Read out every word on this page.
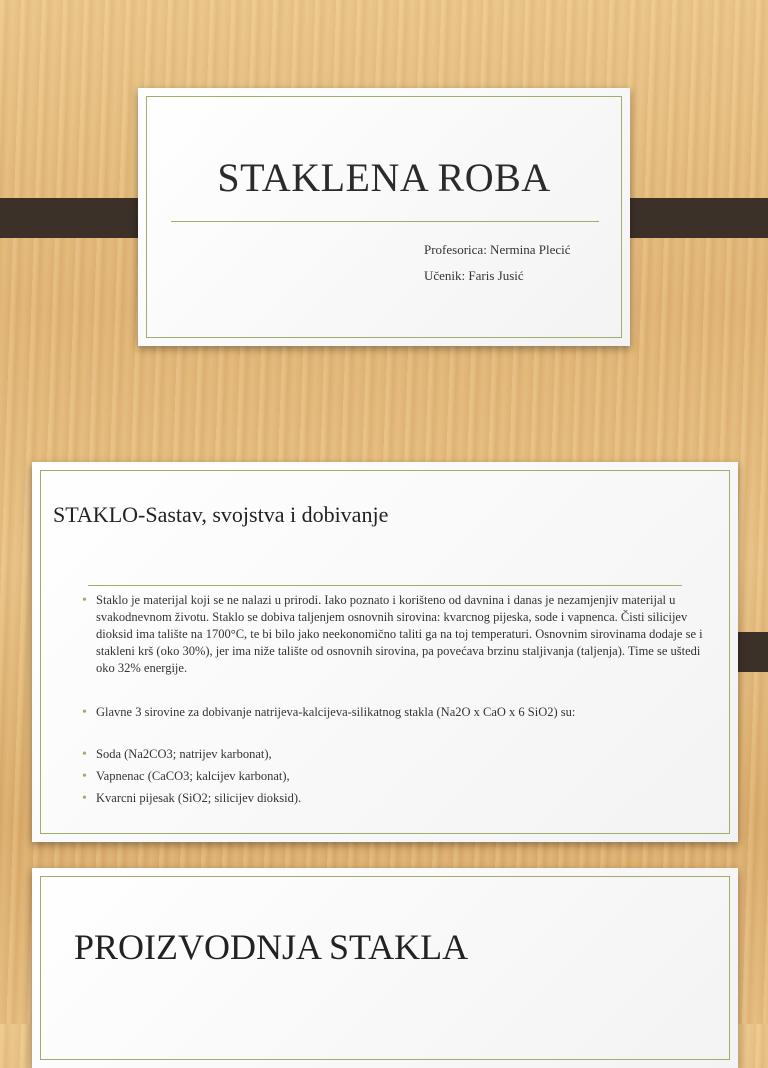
STAKLENA ROBA
Profesorica: Nermina Plecić
Učenik: Faris Jusić
STAKLO-Sastav, svojstva i dobivanje
• Staklo je materijal koji se ne nalazi u prirodi. Iako poznato i korišteno od davnina i danas je nezamjenjiv materijal u svakodnevnom životu. Staklo se dobiva taljenjem osnovnih sirovina: kvarcnog pijeska, sode i vapnenca. Čisti silicijev dioksid ima talište na 1700°C, te bi bilo jako neekonomično taliti ga na toj temperaturi. Osnovnim sirovinama dodaje se i stakleni krš (oko 30%), jer ima niže talište od osnovnih sirovina, pa povećava brzinu staljivanja (taljenja). Time se uštedi oko 32% energije.
• Glavne 3 sirovine za dobivanje natrijeva-kalcijeva-silikatnog stakla (Na2O x CaO x 6 SiO2) su:
• Soda (Na2CO3; natrijev karbonat),
• Vapnenac (CaCO3; kalcijev karbonat),
• Kvarcni pijesak (SiO2; silicijev dioksid).
PROIZVODNJA STAKLA
